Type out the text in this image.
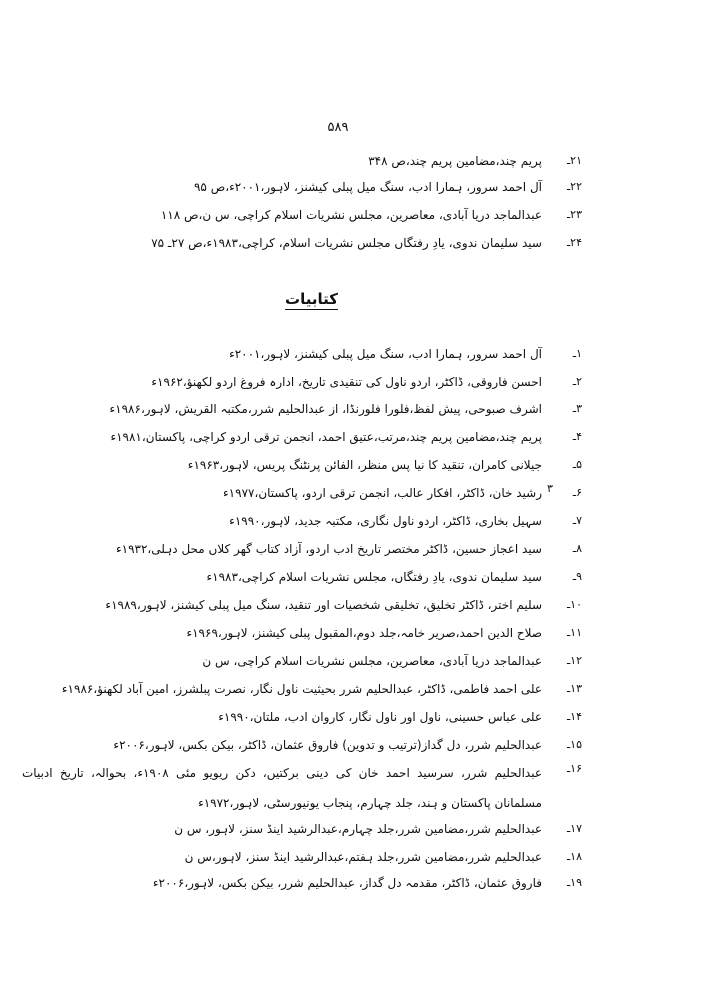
۵۸۹
۲۱ـ
پریم چند،مضامین پریم چند،ص ۳۴۸
۲۲ـ
آل احمد سرور، ہمارا ادب، سنگ میل پبلی کیشنز، لاہور،۲۰۰۱ء،ص ۹۵
۲۳ـ
عبدالماجد دریا آبادی، معاصرین، مجلس نشریات اسلام کراچی، س ن،ص ۱۱۸
۲۴ـ
سید سلیمان ندوی، یادِ رفتگاں مجلس نشریات اسلام، کراچی،۱۹۸۳ء،ص ۲۷ـ ۷۵
کتابیات
۱ـ
آل احمد سرور، ہمارا ادب، سنگ میل پبلی کیشنز، لاہور،۲۰۰۱ء
۲ـ
احسن فاروقی، ڈاکٹر، اردو ناول کی تنقیدی تاریخ، ادارہ فروغ اردو لکھنؤ،۱۹۶۲ء
۳ـ
اشرف صبوحی، پیش لفظ،فلورا فلورنڈا، از عبدالحلیم شرر،مکتبہ القریش، لاہور،۱۹۸۶ء
۴ـ
پریم چند،مضامین پریم چند،مرتب،عتیق احمد، انجمن ترقی اردو کراچی، پاکستان،۱۹۸۱ء
۵ـ
جیلانی کامران، تنقید کا نیا پس منظر، الفائن پرنٹنگ پریس، لاہور،۱۹۶۳ء
۶ـ
رشید خان، ڈاکٹر، افکار عالب، انجمن ترقی اردو، پاکستان،۱۹۷۷ء ۳
۷ـ
سہیل بخاری، ڈاکٹر، اردو ناول نگاری، مکتبہ جدید، لاہور،۱۹۹۰ء
۸ـ
سید اعجاز حسین، ڈاکٹر مختصر تاریخ ادب اردو، آزاد کتاب گھر کلاں محل دہلی،۱۹۳۲ء
۹ـ
سید سلیمان ندوی، یادِ رفتگاں، مجلس نشریات اسلام کراچی،۱۹۸۳ء
۱۰ـ
سلیم اختر، ڈاکٹر تخلیق، تخلیقی شخصیات اور تنقید، سنگ میل پبلی کیشنز، لاہور،۱۹۸۹ء
۱۱ـ
صلاح الدین احمد،صریر خامہ،جلد دوم،المقبول پبلی کیشنز، لاہور،۱۹۶۹ء
۱۲ـ
عبدالماجد دریا آبادی، معاصرین، مجلس نشریات اسلام کراچی، س ن
۱۳ـ
علی احمد فاطمی، ڈاکٹر، عبدالحلیم شرر بحیثیت ناول نگار، نصرت پبلشرز، امین آباد لکھنؤ،۱۹۸۶ء
۱۴ـ
علی عباس حسینی، ناول اور ناول نگار، کاروان ادب، ملتان،۱۹۹۰ء
۱۵ـ
عبدالحلیم شرر، دل گداز(ترتیب و تدوین) فاروق عثمان، ڈاکٹر، بیکن بکس، لاہور،۲۰۰۶ء
۱۶ـ
عبدالحلیم شرر، سرسید احمد خان کی دینی برکتیں، دکن ریویو مئی ۱۹۰۸ء، بحوالہ، تاریخ ادبیات مسلمانان پاکستان و ہند، جلد چہارم، پنجاب یونیورسٹی، لاہور،۱۹۷۲ء
۱۷ـ
عبدالحلیم شرر،مضامین شرر،جلد چہارم،عبدالرشید اینڈ سنز، لاہور، س ن
۱۸ـ
عبدالحلیم شرر،مضامین شرر،جلد ہفتم،عبدالرشید اینڈ سنز، لاہور،س ن
۱۹ـ
فاروق عثمان، ڈاکٹر، مقدمہ دل گداز، عبدالحلیم شرر، بیکن بکس، لاہور،۲۰۰۶ء
